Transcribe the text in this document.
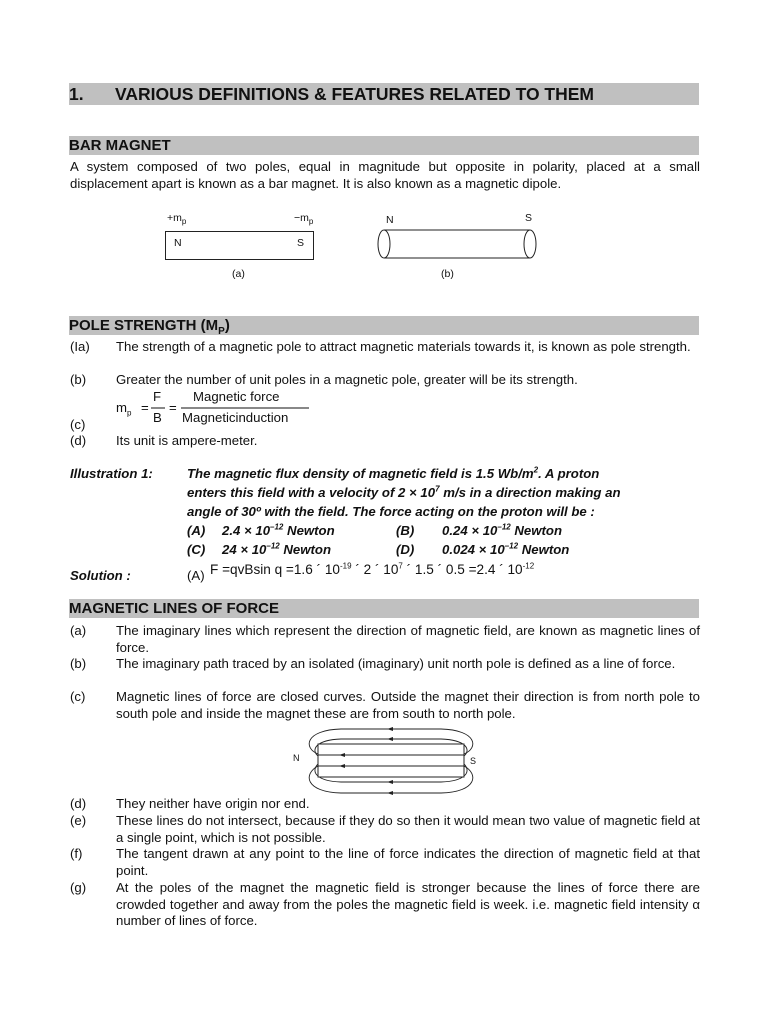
1. VARIOUS DEFINITIONS & FEATURES RELATED TO THEM
BAR MAGNET
A system composed of two poles, equal in magnitude but opposite in polarity, placed at a small displacement apart is known as a bar magnet. It is also known as a magnetic dipole.
$+m_p$	$-m_p$
N	S
(a)
N	S
(b)
POLE STRENGTH $(M_P)$
(Ia)	The strength of a magnetic pole to attract magnetic materials towards it, is known as pole strength.
(b)	Greater the number of unit poles in a magnetic pole, greater will be its strength.
$m_p$ =
F
B
=
Magnetic force
Magneticinduction
(c)
(d)	Its unit is ampere-meter.
Illustration 1:	The magnetic flux density of magnetic field is 1.5 $Wb/m^2$. A proton
enters this field with a velocity of $2 \times 10^7$ m/s in a direction making an
angle of 30º with the field. The force acting on the proton will be :
(A) $2.4 \times 10^{-12}$ Newton	(B) $0.24 \times 10^{-12}$ Newton
(C) $24 \times 10^{-12}$ Newton	(D) $0.024 \times 10^{-12}$ Newton
Solution :	(A) F =qvBsin q =1.6 ´ $10^{-19}$ ´ 2 ´ $10^7$ ´ 1.5 ´ 0.5 =2.4 ´ $10^{-12}$
MAGNETIC LINES OF FORCE
(a)	The imaginary lines which represent the direction of magnetic field, are known as magnetic lines of force.
(b)	The imaginary path traced by an isolated (imaginary) unit north pole is defined as a line of force.
(c)	Magnetic lines of force are closed curves. Outside the magnet their direction is from north pole to south pole and inside the magnet these are from south to north pole.
N	S
(d)	They neither have origin nor end.
(e)	These lines do not intersect, because if they do so then it would mean two value of magnetic field at a single point, which is not possible.
(f)	The tangent drawn at any point to the line of force indicates the direction of magnetic field at that point.
(g)	At the poles of the magnet the magnetic field is stronger because the lines of force there are crowded together and away from the poles the magnetic field is week. i.e. magnetic field intensity α number of lines of force.
